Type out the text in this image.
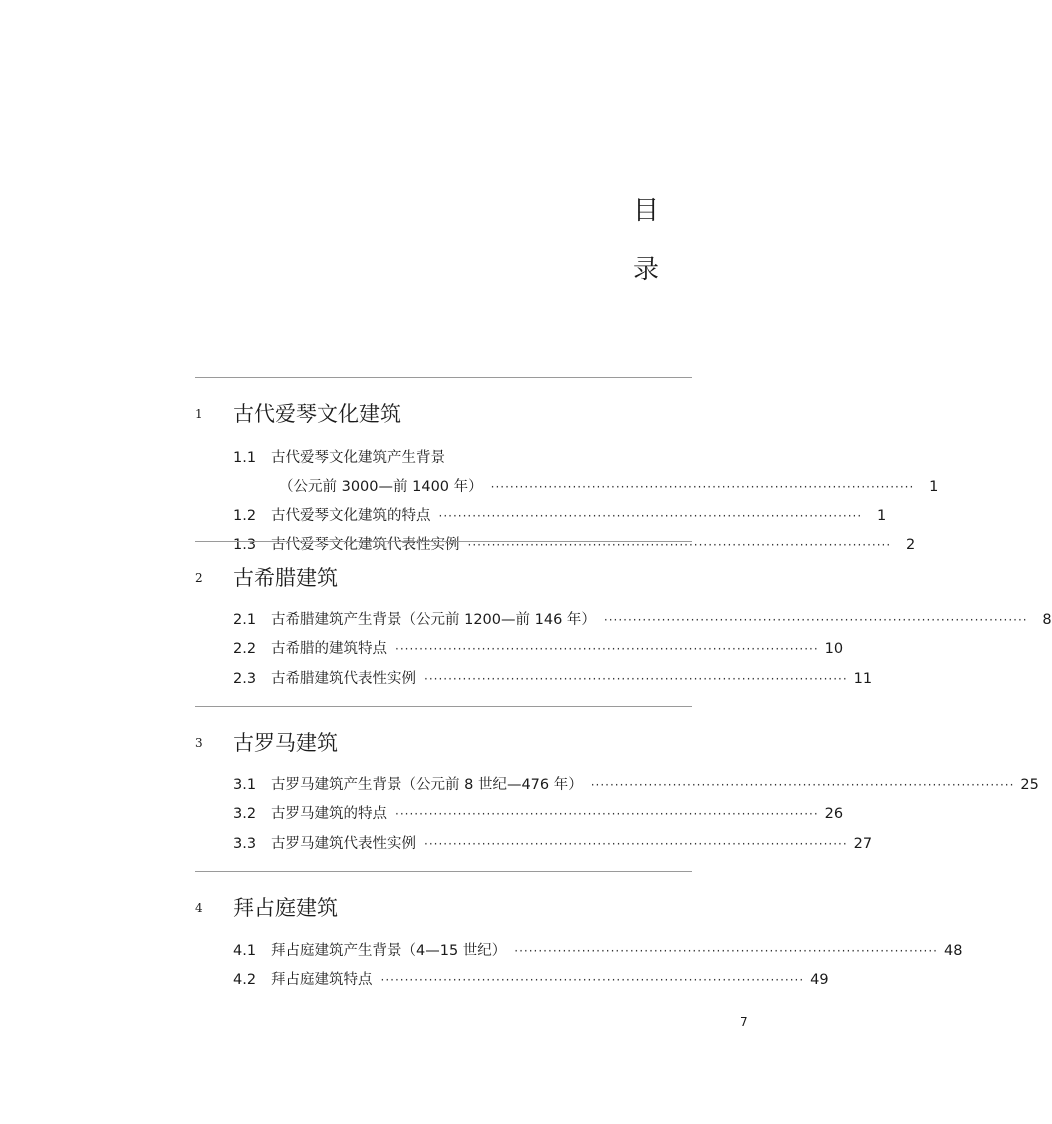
目
录
1 古代爱琴文化建筑
1.1	古代爱琴文化建筑产生背景
（公元前 3000—前 1400 年） ························································································	1
1.2	古代爱琴文化建筑的特点 ························································································	1
1.3	古代爱琴文化建筑代表性实例 ························································································	2
2 古希腊建筑
2.1	古希腊建筑产生背景（公元前 1200—前 146 年） ························································································	8
2.2	古希腊的建筑特点 ························································································ 10
2.3	古希腊建筑代表性实例 ························································································ 11
3 古罗马建筑
3.1	古罗马建筑产生背景（公元前 8 世纪—476 年） ························································································ 25
3.2	古罗马建筑的特点 ························································································ 26
3.3	古罗马建筑代表性实例 ························································································ 27
4 拜占庭建筑
4.1	拜占庭建筑产生背景（4—15 世纪） ························································································ 48
4.2	拜占庭建筑特点 ························································································ 49
7
